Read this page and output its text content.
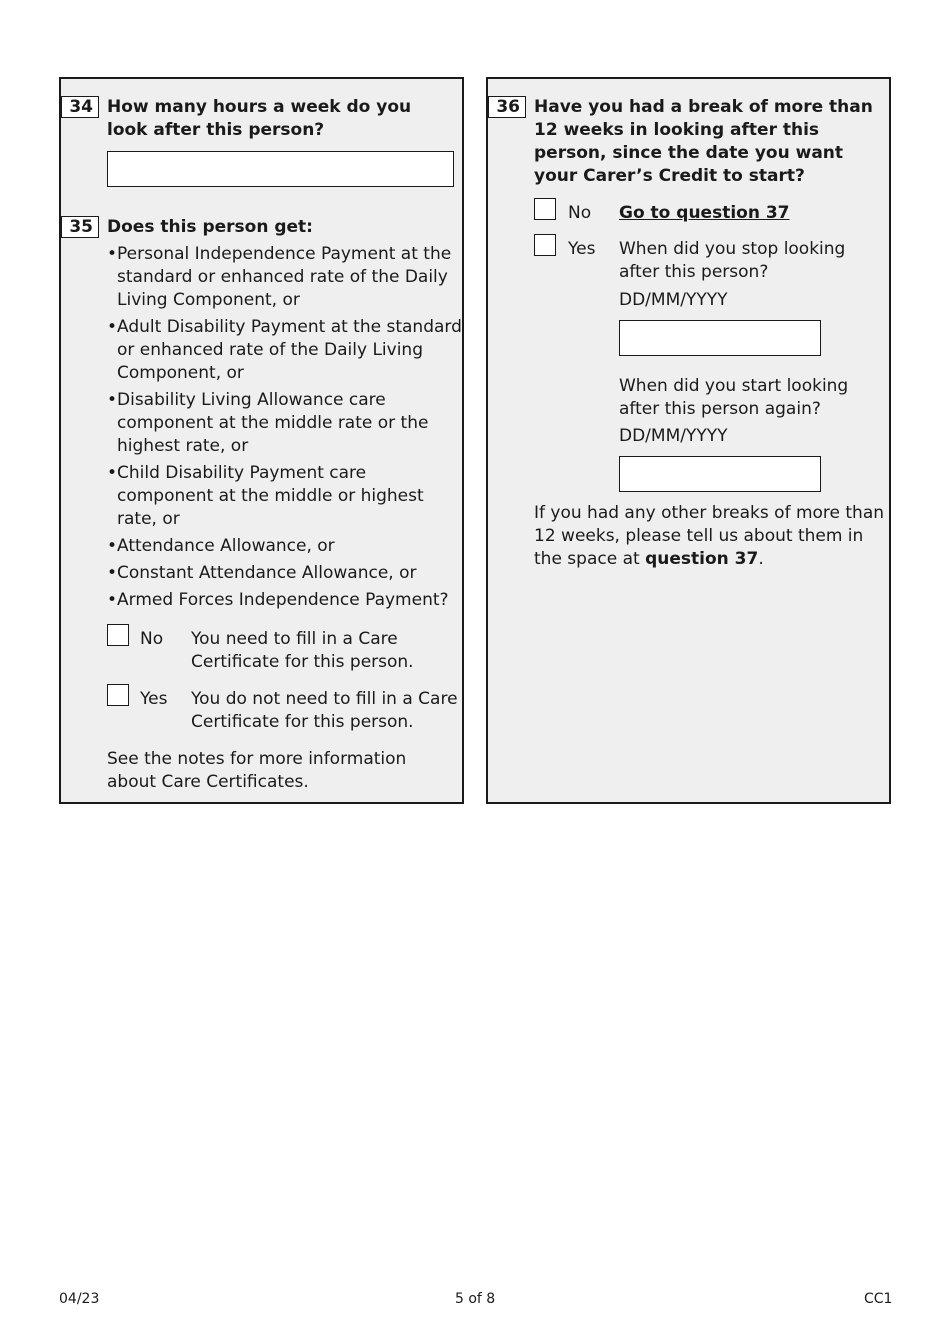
34 How many hours a week do you look after this person?
35 Does this person get:
• Personal Independence Payment at the standard or enhanced rate of the Daily Living Component, or
• Adult Disability Payment at the standard or enhanced rate of the Daily Living Component, or
• Disability Living Allowance care component at the middle rate or the highest rate, or
• Child Disability Payment care component at the middle or highest rate, or
• Attendance Allowance, or
• Constant Attendance Allowance, or
• Armed Forces Independence Payment?
No You need to fill in a Care Certificate for this person.
Yes You do not need to fill in a Care Certificate for this person.
See the notes for more information about Care Certificates.
36 Have you had a break of more than 12 weeks in looking after this person, since the date you want your Carer’s Credit to start?
No Go to question 37
Yes When did you stop looking after this person?
DD/MM/YYYY
When did you start looking after this person again?
DD/MM/YYYY
If you had any other breaks of more than 12 weeks, please tell us about them in the space at question 37.
04/23	5 of 8	CC1
